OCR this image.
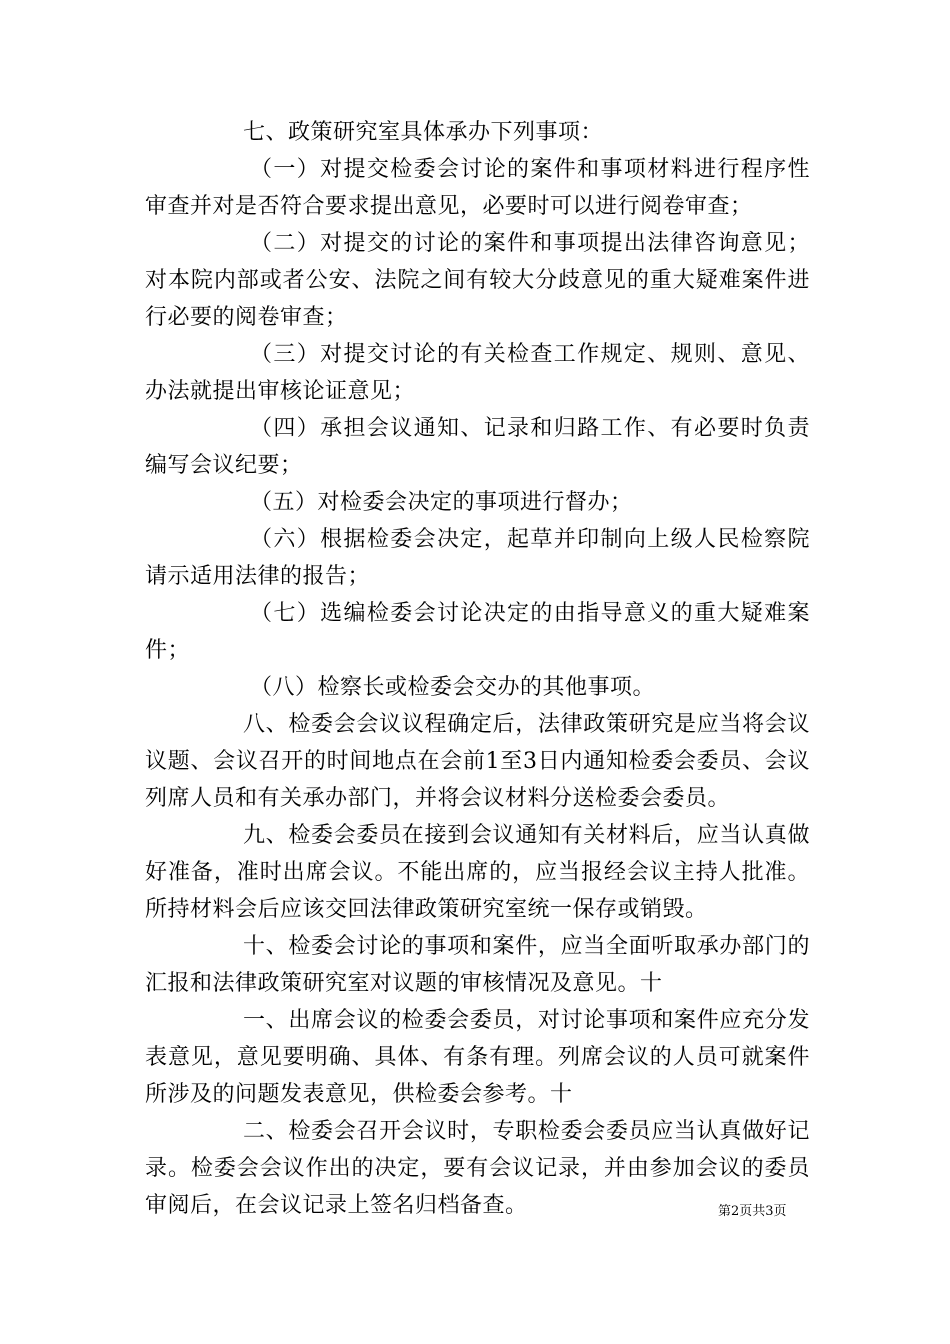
七、政策研究室具体承办下列事项：

（一）对提交检委会讨论的案件和事项材料进行程序性审查并对是否符合要求提出意见，必要时可以进行阅卷审查；

（二）对提交的讨论的案件和事项提出法律咨询意见；对本院内部或者公安、法院之间有较大分歧意见的重大疑难案件进行必要的阅卷审查；

（三）对提交讨论的有关检查工作规定、规则、意见、办法就提出审核论证意见；

（四）承担会议通知、记录和归路工作、有必要时负责编写会议纪要；

（五）对检委会决定的事项进行督办；

（六）根据检委会决定，起草并印制向上级人民检察院请示适用法律的报告；

（七）选编检委会讨论决定的由指导意义的重大疑难案件；

（八）检察长或检委会交办的其他事项。

八、检委会会议议程确定后，法律政策研究是应当将会议议题、会议召开的时间地点在会前1至3日内通知检委会委员、会议列席人员和有关承办部门，并将会议材料分送检委会委员。

九、检委会委员在接到会议通知有关材料后，应当认真做好准备，准时出席会议。不能出席的，应当报经会议主持人批准。所持材料会后应该交回法律政策研究室统一保存或销毁。

十、检委会讨论的事项和案件，应当全面听取承办部门的汇报和法律政策研究室对议题的审核情况及意见。十

一、出席会议的检委会委员，对讨论事项和案件应充分发表意见，意见要明确、具体、有条有理。列席会议的人员可就案件所涉及的问题发表意见，供检委会参考。十

二、检委会召开会议时，专职检委会委员应当认真做好记录。检委会会议作出的决定，要有会议记录，并由参加会议的委员审阅后，在会议记录上签名归档备查。	第2页共3页
